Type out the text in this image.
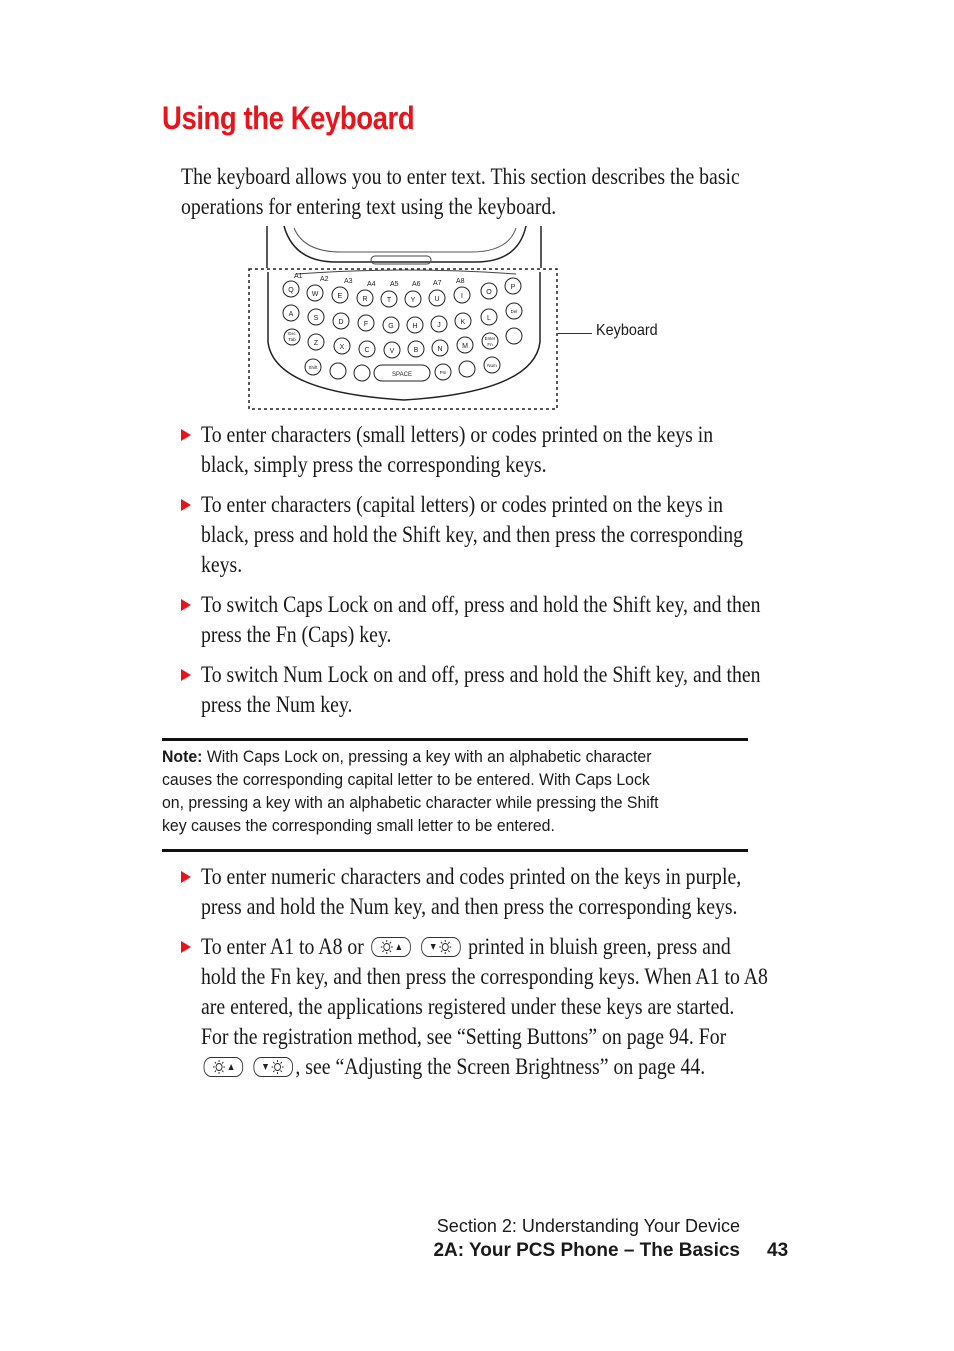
Using the Keyboard

The keyboard allows you to enter text. This section describes the basic
operations for entering text using the keyboard.

A1 A2 A3 A4 A5 A6 A7 A8
Q
W	E	R	T	Y	U	I
O
P
A
S
D	F	G	H	J	K
L
Z
X	C	V	B	N	M
SPACE
Shift
Esc
Tab
Del
Enter
Fn
Num
Pm
Keyboard
To enter characters (small letters) or codes printed on the keys in
black, simply press the corresponding keys.
To enter characters (capital letters) or codes printed on the keys in
black, press and hold the Shift key, and then press the corresponding
keys.
To switch Caps Lock on and off, press and hold the Shift key, and then
press the Fn (Caps) key.
To switch Num Lock on and off, press and hold the Shift key, and then
press the Num key.

Note: With Caps Lock on, pressing a key with an alphabetic character
causes the corresponding capital letter to be entered. With Caps Lock
on, pressing a key with an alphabetic character while pressing the Shift
key causes the corresponding small letter to be entered.

To enter numeric characters and codes printed on the keys in purple,
press and hold the Num key, and then press the corresponding keys.
To enter A1 to A8 or
	printed in bluish green, press and
hold the Fn key, and then press the corresponding keys. When A1 to A8
are entered, the applications registered under these keys are started.
For the registration method, see “Setting Buttons” on page 94. For

, see “Adjusting the Screen Brightness” on page 44.
Section 2: Understanding Your Device
2A: Your PCS Phone – The Basics 43
